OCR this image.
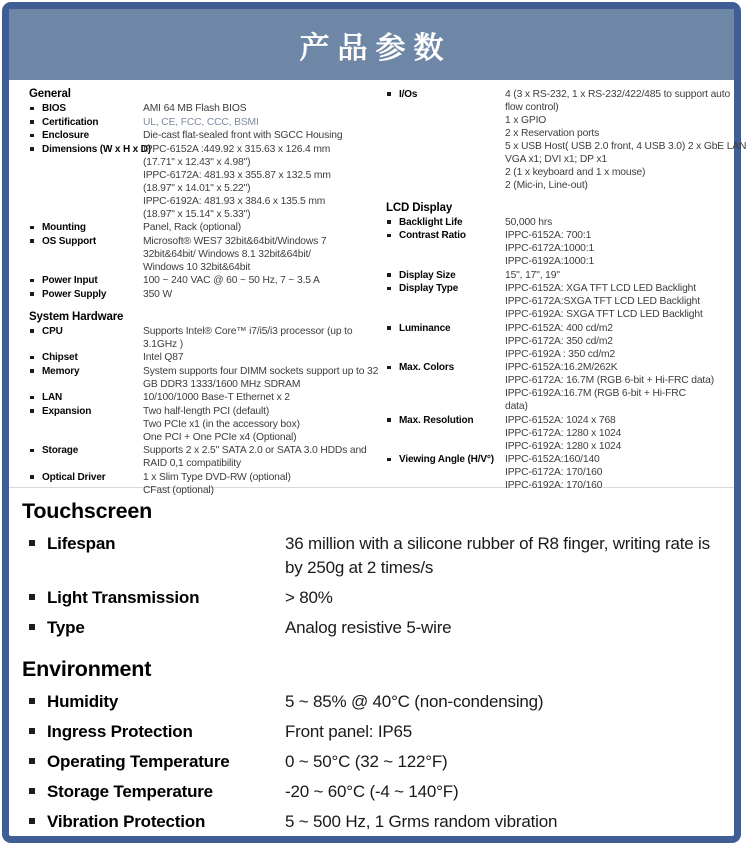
产品参数
General
BIOS	AMI 64 MB Flash BIOS
Certification	UL, CE, FCC, CCC, BSMI
Enclosure	Die-cast flat-sealed front with SGCC Housing
Dimensions (W x H x D)
IPPC-6152A :449.92 x 315.63 x 126.4 mm
(17.71" x 12.43" x 4.98")
IPPC-6172A: 481.93 x 355.87 x 132.5 mm
(18.97" x 14.01" x 5.22")
IPPC-6192A: 481.93 x 384.6 x 135.5 mm
(18.97" x 15.14" x 5.33")
Mounting	Panel, Rack (optional)
OS Support	Microsoft® WES7 32bit&64bit/Windows 7
32bit&64bit/ Windows 8.1 32bit&64bit/
Windows 10 32bit&64bit
Power Input	100 ~ 240 VAC @ 60 ~ 50 Hz, 7 ~ 3.5 A
Power Supply	350 W
System Hardware
CPU	Supports Intel® Core™ i7/i5/i3 processor (up to
3.1GHz )
Chipset	Intel Q87
Memory	System supports four DIMM sockets support up to 32
GB DDR3 1333/1600 MHz SDRAM
LAN	10/100/1000 Base-T Ethernet x 2
Expansion	Two half-length PCI (default)
Two PCIe x1 (in the accessory box)
One PCI + One PCIe x4 (Optional)
Storage	Supports 2 x 2.5" SATA 2.0 or SATA 3.0 HDDs and
RAID 0,1 compatibility
Optical Driver	1 x Slim Type DVD-RW (optional)
CFast (optional)
I/Os	4 (3 x RS-232, 1 x RS-232/422/485 to support auto
flow control)
1 x GPIO
2 x Reservation ports
5 x USB Host( USB 2.0 front, 4 USB 3.0) 2 x GbE LAN
VGA x1; DVI x1; DP x1
2 (1 x keyboard and 1 x mouse)
2 (Mic-in, Line-out)
LCD Display
Backlight Life	50,000 hrs
Contrast Ratio	IPPC-6152A: 700:1
IPPC-6172A:1000:1
IPPC-6192A:1000:1
Display Size	15", 17", 19"
Display Type	IPPC-6152A: XGA TFT LCD LED Backlight
IPPC-6172A:SXGA TFT LCD LED Backlight
IPPC-6192A: SXGA TFT LCD LED Backlight
Luminance	IPPC-6152A: 400 cd/m2
IPPC-6172A: 350 cd/m2
IPPC-6192A : 350 cd/m2
Max. Colors	IPPC-6152A:16.2M/262K
IPPC-6172A: 16.7M (RGB 6-bit + Hi-FRC data)
IPPC-6192A:16.7M (RGB 6-bit + Hi-FRC
data)
Max. Resolution	IPPC-6152A: 1024 x 768
IPPC-6172A: 1280 x 1024
IPPC-6192A: 1280 x 1024
Viewing Angle (H/V°)	IPPC-6152A:160/140
IPPC-6172A: 170/160
IPPC-6192A: 170/160
Touchscreen
Lifespan	36 million with a silicone rubber of R8 finger, writing rate is by 250g at 2 times/s
Light Transmission	> 80%
Type	Analog resistive 5-wire
Environment
Humidity	5 ~ 85% @ 40°C (non-condensing)
Ingress Protection	Front panel: IP65
Operating Temperature	0 ~ 50°C (32 ~ 122°F)
Storage Temperature	-20 ~ 60°C (-4 ~ 140°F)
Vibration Protection	5 ~ 500 Hz, 1 Grms random vibration
